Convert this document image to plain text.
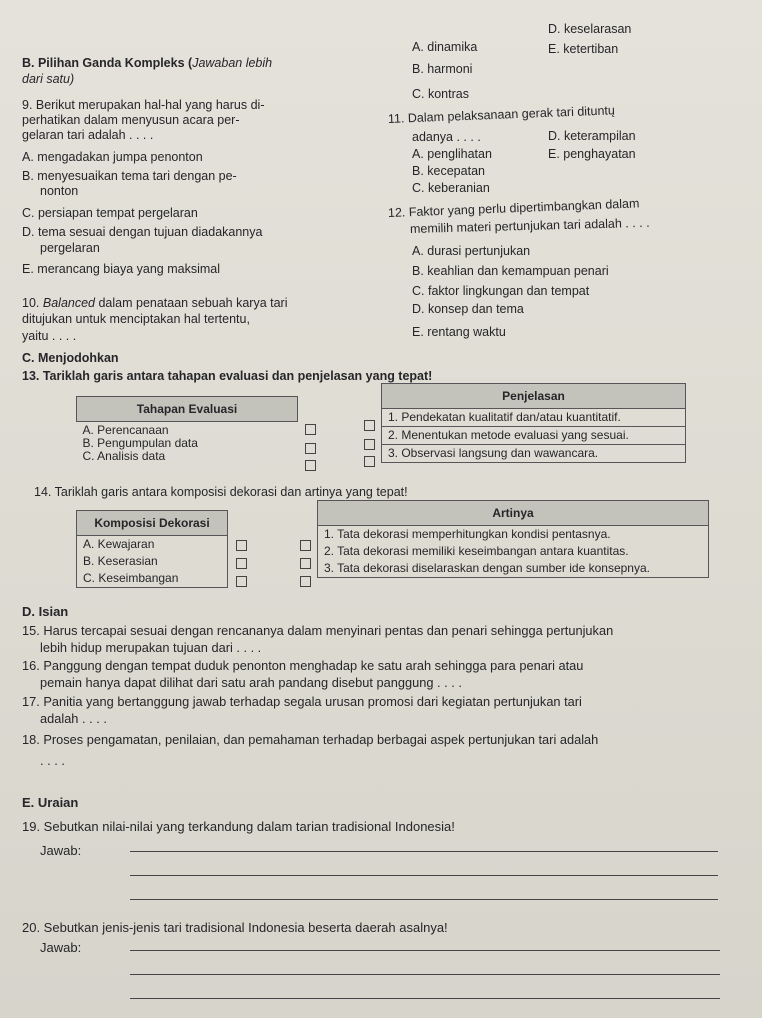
B. Pilihan Ganda Kompleks (Jawaban lebih
dari satu)
9. Berikut merupakan hal-hal yang harus di-
perhatikan dalam menyusun acara per-
gelaran tari adalah . . . .
A. mengadakan jumpa penonton
B. menyesuaikan tema tari dengan pe-
nonton
C. persiapan tempat pergelaran
D. tema sesuai dengan tujuan diadakannya
pergelaran
E. merancang biaya yang maksimal
10. Balanced dalam penataan sebuah karya tari
ditujukan untuk menciptakan hal tertentu,
yaitu . . . .
A. dinamika
B. harmoni
C. kontras
D. keselarasan
E. ketertiban
11. Dalam pelaksanaan gerak tari dituntų
adanya . . . .
A. penglihatan
B. kecepatan
C. keberanian
D. keterampilan
E. penghayatan
12. Faktor yang perlu dipertimbangkan dalam
memilih materi pertunjukan tari adalah . . . .
A. durasi pertunjukan
B. keahlian dan kemampuan penari
C. faktor lingkungan dan tempat
D. konsep dan tema
E. rentang waktu
C. Menjodohkan
13. Tariklah garis antara tahapan evaluasi dan penjelasan yang tepat!
Tahapan Evaluasi
A. Perencanaan
B. Pengumpulan data
C. Analisis data
Penjelasan
1. Pendekatan kualitatif dan/atau kuantitatif.
2. Menentukan metode evaluasi yang sesuai.
3. Observasi langsung dan wawancara.
14. Tariklah garis antara komposisi dekorasi dan artinya yang tepat!
Komposisi Dekorasi
A. Kewajaran
B. Keserasian
C. Keseimbangan
Artinya
1. Tata dekorasi memperhitungkan kondisi pentasnya.
2. Tata dekorasi memiliki keseimbangan antara kuantitas.
3. Tata dekorasi diselaraskan dengan sumber ide konsepnya.
D. Isian
15. Harus tercapai sesuai dengan rencananya dalam menyinari pentas dan penari sehingga pertunjukan
lebih hidup merupakan tujuan dari . . . .
16. Panggung dengan tempat duduk penonton menghadap ke satu arah sehingga para penari atau
pemain hanya dapat dilihat dari satu arah pandang disebut panggung . . . .
17. Panitia yang bertanggung jawab terhadap segala urusan promosi dari kegiatan pertunjukan tari
adalah . . . .
18. Proses pengamatan, penilaian, dan pemahaman terhadap berbagai aspek pertunjukan tari adalah
. . . .
E. Uraian
19. Sebutkan nilai-nilai yang terkandung dalam tarian tradisional Indonesia!
Jawab:
20. Sebutkan jenis-jenis tari tradisional Indonesia beserta daerah asalnya!
Jawab:
